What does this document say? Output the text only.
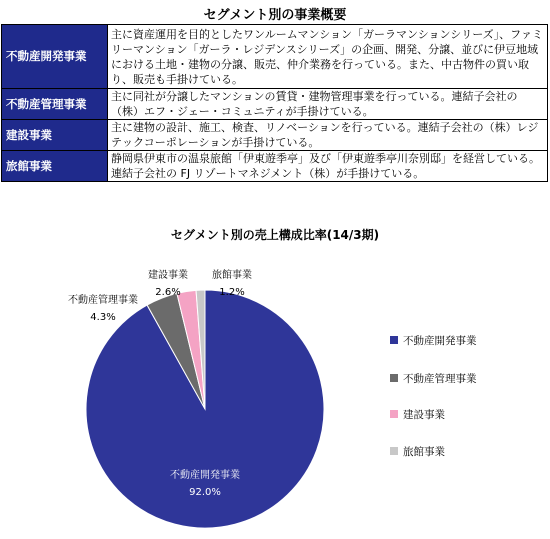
セグメント別の事業概要
不動産開発事業	主に資産運用を目的としたワンルームマンション「ガーラマンションシリーズ」、ファミリーマンション「ガーラ・レジデンスシリーズ」の企画、開発、分譲、並びに伊豆地域における土地・建物の分譲、販売、仲介業務を行っている。また、中古物件の買い取り、販売も手掛けている。
不動産管理事業	主に同社が分譲したマンションの賃貸・建物管理事業を行っている。連結子会社の（株）エフ・ジェー・コミュニティが手掛けている。
建設事業	主に建物の設計、施工、検査、リノベーションを行っている。連結子会社の（株）レジテックコーポレーションが手掛けている。
旅館事業	静岡県伊東市の温泉旅館「伊東遊季亭」及び「伊東遊季亭川奈別邸」を経営している。連結子会社の FJ リゾートマネジメント（株）が手掛けている。
セグメント別の売上構成比率(14/3期)
不動産開発事業
92.0%
不動産管理事業
4.3%
建設事業
2.6%
旅館事業
1.2%
不動産開発事業
不動産管理事業
建設事業
旅館事業
